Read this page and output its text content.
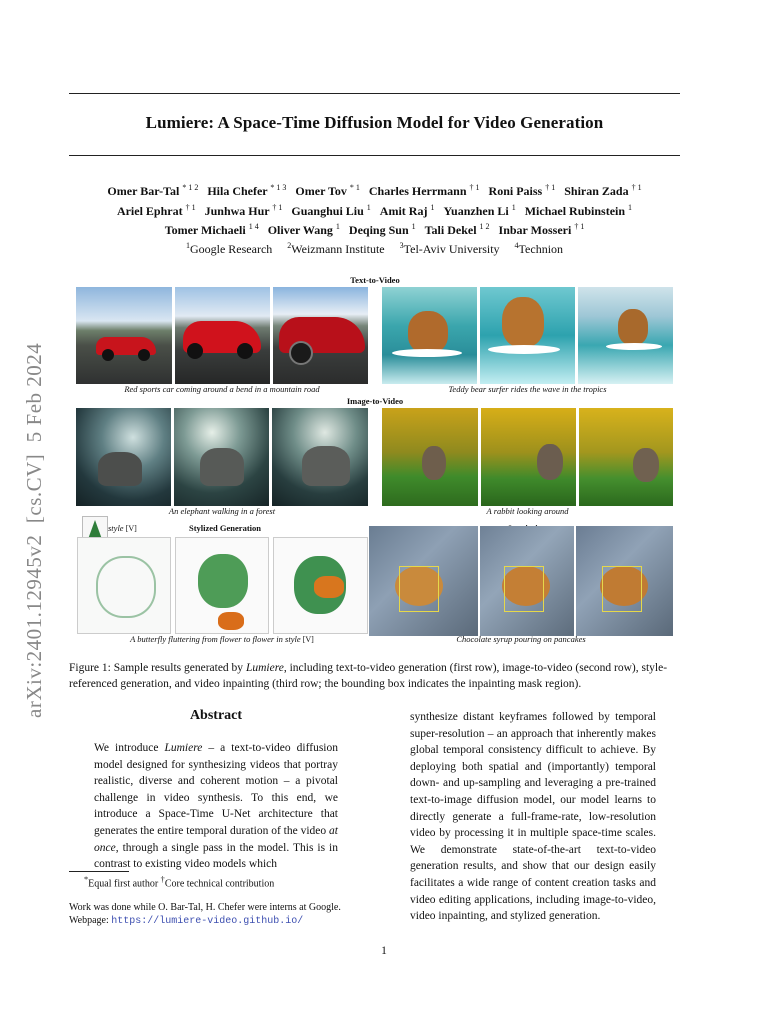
arXiv:2401.12945v2  [cs.CV]  5 Feb 2024
Lumiere: A Space-Time Diffusion Model for Video Generation
Omer Bar-Tal $^{* 1 2}$ Hila Chefer $^{* 1 3}$ Omer Tov $^{* 1}$ Charles Herrmann $^{\dagger 1}$ Roni Paiss $^{\dagger 1}$ Shiran Zada $^{\dagger 1}$
Ariel Ephrat $^{\dagger 1}$ Junhwa Hur $^{\dagger 1}$ Guanghui Liu $^1$ Amit Raj $^1$ Yuanzhen Li $^1$ Michael Rubinstein $^1$
Tomer Michaeli $^{1 4}$ Oliver Wang $^1$ Deqing Sun $^1$ Tali Dekel $^{1 2}$ Inbar Mosseri $^{\dagger 1}$
$^1$Google Research $^2$Weizmann Institute $^3$Tel-Aviv University $^4$Technion
Text-to-Video
Red sports car coming around a bend in a mountain road	Teddy bear surfer rides the wave in the tropics
Image-to-Video
An elephant walking in a forest	A rabbit looking around
style [V]	Stylized Generation
A butterfly fluttering from flower to flower in style [V]	Chocolate syrup pouring on pancakes
Figure 1: Sample results generated by Lumiere, including text-to-video generation (first row), image-to-video (second row), style-referenced generation, and video inpainting (third row; the bounding box indicates the inpainting mask region).
Abstract
We introduce Lumiere – a text-to-video diffusion model designed for synthesizing videos that portray realistic, diverse and coherent motion – a pivotal challenge in video synthesis. To this end, we introduce a Space-Time U-Net architecture that generates the entire temporal duration of the video at once, through a single pass in the model. This is in contrast to existing video models which
synthesize distant keyframes followed by temporal super-resolution – an approach that inherently makes global temporal consistency difficult to achieve. By deploying both spatial and (importantly) temporal down- and up-sampling and leveraging a pre-trained text-to-image diffusion model, our model learns to directly generate a full-frame-rate, low-resolution video by processing it in multiple space-time scales. We demonstrate state-of-the-art text-to-video generation results, and show that our design easily facilitates a wide range of content creation tasks and video editing applications, including image-to-video, video inpainting, and stylized generation.
*Equal first author †Core technical contribution
Work was done while O. Bar-Tal, H. Chefer were interns at Google.
Webpage: https://lumiere-video.github.io/
1
